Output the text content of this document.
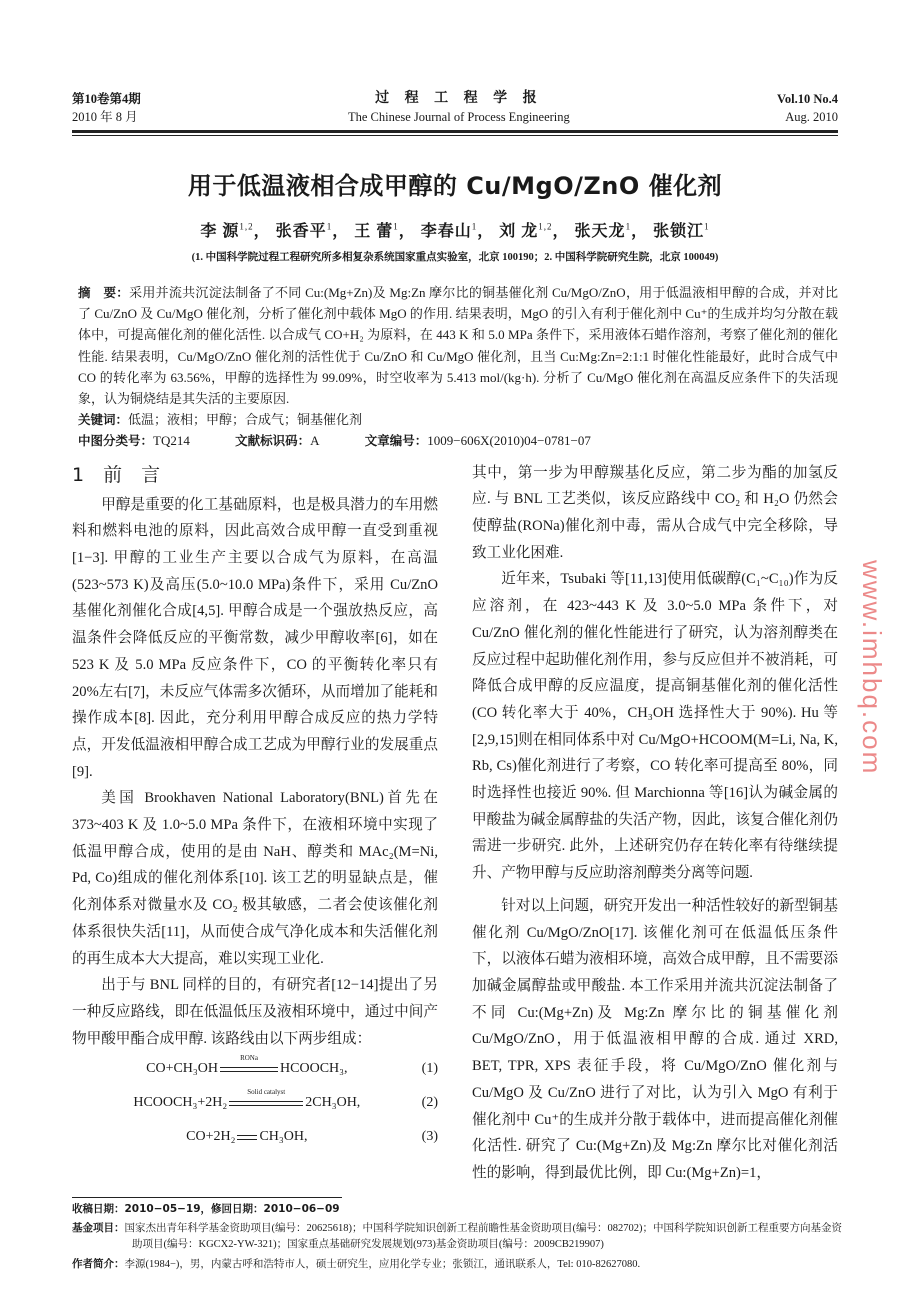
第10卷第4期
2010 年 8 月
过 程 工 程 学 报
The Chinese Journal of Process Engineering
Vol.10 No.4
Aug. 2010
用于低温液相合成甲醇的 Cu/MgO/ZnO 催化剂
李 源$^{1,2}$， 张香平$^1$， 王 蕾$^1$， 李春山$^1$， 刘 龙$^{1,2}$， 张天龙$^1$， 张锁江$^1$
(1. 中国科学院过程工程研究所多相复杂系统国家重点实验室，北京 100190；2. 中国科学院研究生院，北京 100049)
摘　要：采用并流共沉淀法制备了不同 Cu:(Mg+Zn)及 Mg:Zn 摩尔比的铜基催化剂 Cu/MgO/ZnO，用于低温液相甲醇的合成，并对比了 Cu/ZnO 及 Cu/MgO 催化剂，分析了催化剂中载体 MgO 的作用. 结果表明，MgO 的引入有利于催化剂中 Cu⁺的生成并均匀分散在载体中，可提高催化剂的催化活性. 以合成气 CO+H₂ 为原料，在 443 K 和 5.0 MPa 条件下，采用液体石蜡作溶剂，考察了催化剂的催化性能. 结果表明，Cu/MgO/ZnO 催化剂的活性优于 Cu/ZnO 和 Cu/MgO 催化剂，且当 Cu:Mg:Zn=2:1:1 时催化性能最好，此时合成气中 CO 的转化率为 63.56%，甲醇的选择性为 99.09%，时空收率为 5.413 mol/(kg·h). 分析了 Cu/MgO 催化剂在高温反应条件下的失活现象，认为铜烧结是其失活的主要原因.
关键词：低温；液相；甲醇；合成气；铜基催化剂
中图分类号：TQ214	文献标识码：A	文章编号：1009−606X(2010)04−0781−07
1　前　言

甲醇是重要的化工基础原料，也是极具潜力的车用燃料和燃料电池的原料，因此高效合成甲醇一直受到重视[1−3]. 甲醇的工业生产主要以合成气为原料，在高温(523~573 K)及高压(5.0~10.0 MPa)条件下，采用 Cu/ZnO 基催化剂催化合成[4,5]. 甲醇合成是一个强放热反应，高温条件会降低反应的平衡常数，减少甲醇收率[6]，如在 523 K 及 5.0 MPa 反应条件下，CO 的平衡转化率只有 20%左右[7]，未反应气体需多次循环，从而增加了能耗和操作成本[8]. 因此，充分利用甲醇合成反应的热力学特点，开发低温液相甲醇合成工艺成为甲醇行业的发展重点[9].

美国 Brookhaven National Laboratory(BNL)首先在 373~403 K 及 1.0~5.0 MPa 条件下，在液相环境中实现了低温甲醇合成，使用的是由 NaH、醇类和 MAc₂(M=Ni, Pd, Co)组成的催化剂体系[10]. 该工艺的明显缺点是，催化剂体系对微量水及 CO₂ 极其敏感，二者会使该催化剂体系很快失活[11]，从而使合成气净化成本和失活催化剂的再生成本大大提高，难以实现工业化.

出于与 BNL 同样的目的，有研究者[12−14]提出了另一种反应路线，即在低温低压及液相环境中，通过中间产物甲酸甲酯合成甲醇. 该路线由以下两步组成：

CO+CH₃OH
RONa
HCOOCH₃,	(1)
HCOOCH₃+2H₂
Solid catalyst
2CH₃OH,	(2)
CO+2H₂ CH₃OH,	(3)

其中，第一步为甲醇羰基化反应，第二步为酯的加氢反应. 与 BNL 工艺类似，该反应路线中 CO₂ 和 H₂O 仍然会使醇盐(RONa)催化剂中毒，需从合成气中完全移除，导致工业化困难.

近年来，Tsubaki 等[11,13]使用低碳醇(C₁~C₁₀)作为反应溶剂，在 423~443 K 及 3.0~5.0 MPa 条件下，对 Cu/ZnO 催化剂的催化性能进行了研究，认为溶剂醇类在反应过程中起助催化剂作用，参与反应但并不被消耗，可降低合成甲醇的反应温度，提高铜基催化剂的催化活性(CO 转化率大于 40%，CH₃OH 选择性大于 90%). Hu 等[2,9,15]则在相同体系中对 Cu/MgO+HCOOM(M=Li, Na, K, Rb, Cs)催化剂进行了考察，CO 转化率可提高至 80%，同时选择性也接近 90%. 但 Marchionna 等[16]认为碱金属的甲酸盐为碱金属醇盐的失活产物，因此，该复合催化剂仍需进一步研究. 此外，上述研究仍存在转化率有待继续提升、产物甲醇与反应助溶剂醇类分离等问题.

针对以上问题，研究开发出一种活性较好的新型铜基催化剂 Cu/MgO/ZnO[17]. 该催化剂可在低温低压条件下，以液体石蜡为液相环境，高效合成甲醇，且不需要添加碱金属醇盐或甲酸盐. 本工作采用并流共沉淀法制备了不同 Cu:(Mg+Zn)及 Mg:Zn 摩尔比的铜基催化剂 Cu/MgO/ZnO，用于低温液相甲醇的合成. 通过 XRD, BET, TPR, XPS 表征手段，将 Cu/MgO/ZnO 催化剂与 Cu/MgO 及 Cu/ZnO 进行了对比，认为引入 MgO 有利于催化剂中 Cu⁺的生成并分散于载体中，进而提高催化剂催化活性. 研究了 Cu:(Mg+Zn)及 Mg:Zn 摩尔比对催化剂活性的影响，得到最优比例，即 Cu:(Mg+Zn)=1，

收稿日期：2010−05−19，修回日期：2010−06−09
基金项目：国家杰出青年科学基金资助项目(编号：20625618)；中国科学院知识创新工程前瞻性基金资助项目(编号：082702)；中国科学院知识创新工程重要方向基金资助项目(编号：KGCX2-YW-321)；国家重点基础研究发展规划(973)基金资助项目(编号：2009CB219907)
作者简介：李源(1984−)，男，内蒙古呼和浩特市人，硕士研究生，应用化学专业；张锁江，通讯联系人，Tel: 010-82627080.
www.imhbq.com
